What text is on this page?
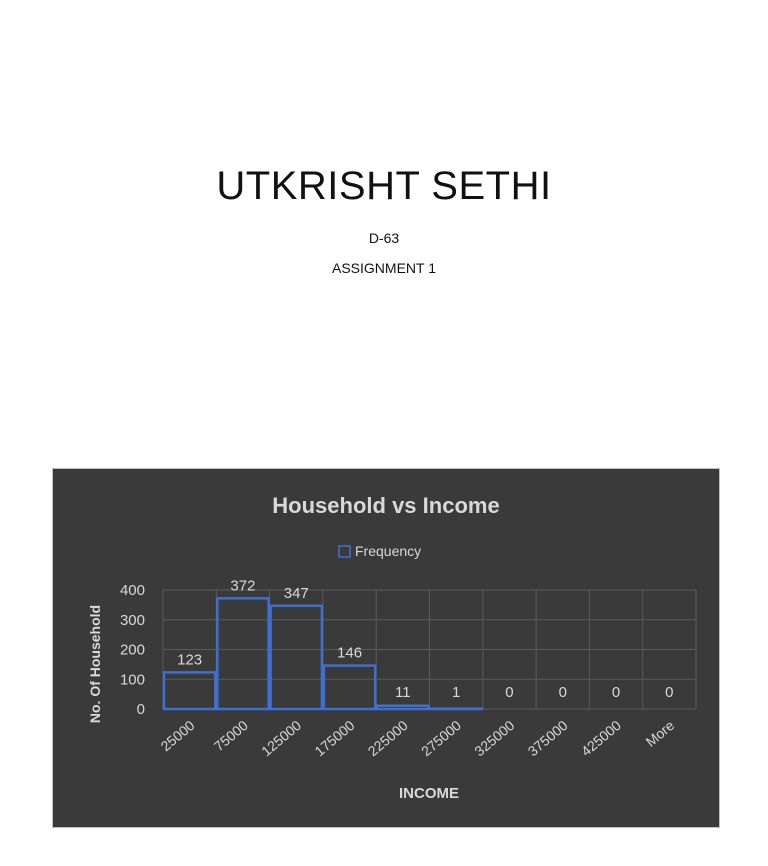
UTKRISHT SETHI
D-63
ASSIGNMENT 1
Household vs Income
Frequency
No. Of Household
INCOME
0
100
200
300
400
123
372 347
146
11	1	0	0	0	0
25000 75000 125000 175000 225000 275000 325000 375000 425000 More
